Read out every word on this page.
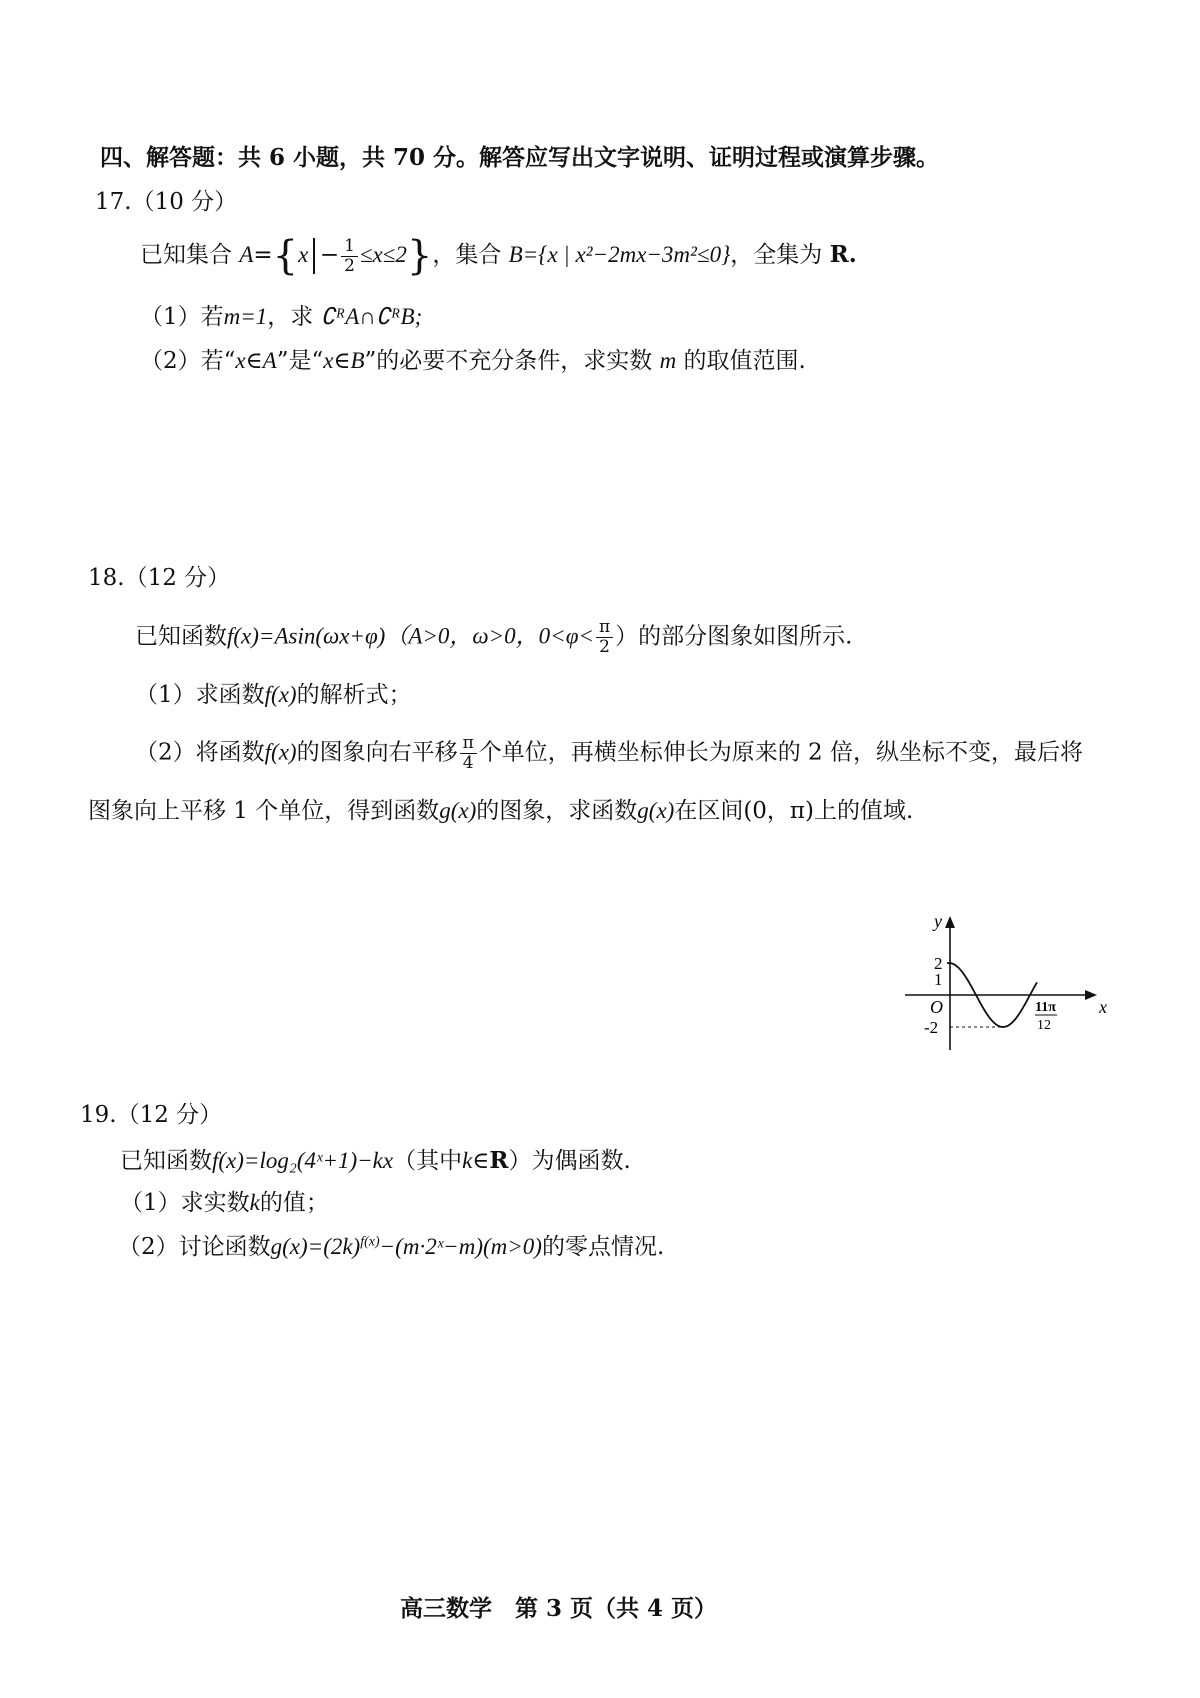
四、解答题：共 6 小题，共 70 分。解答应写出文字说明、证明过程或演算步骤。
17.（10 分）
已知集合 $A=\{x - \frac{1}{2} \le x\le 2\}$，集合 B={x | x²−2mx−3m²≤0}，全集为 R.
（1）若m=1，求 ∁ᴿA∩∁ᴿB;
（2）若“x∈A”是“x∈B”的必要不充分条件，求实数 m 的取值范围.
18.（12 分）
已知函数f(x)=Asin(ωx+φ)（A>0，ω>0，$0<\varphi< \frac{\pi}{2}$ ）的部分图象如图所示.
（1）求函数f(x)的解析式；
（2）将函数f(x)的图象向右平移 $\frac{\pi}{4}$ 个单位，再横坐标伸长为原来的 2 倍，纵坐标不变，最后将
图象向上平移 1 个单位，得到函数g(x)的图象，求函数g(x)在区间(0，π)上的值域.
y
x
O
2
1
-2
11π
12
19.（12 分）
已知函数f(x)=log₂(4ˣ+1)−kx（其中k∈R）为偶函数.
（1）求实数k的值；
（2）讨论函数$g(x)=(2k)^{f(x)}-(m\cdot 2ˣ-m)(m>0)$的零点情况.
高三数学　第 3 页（共 4 页）
